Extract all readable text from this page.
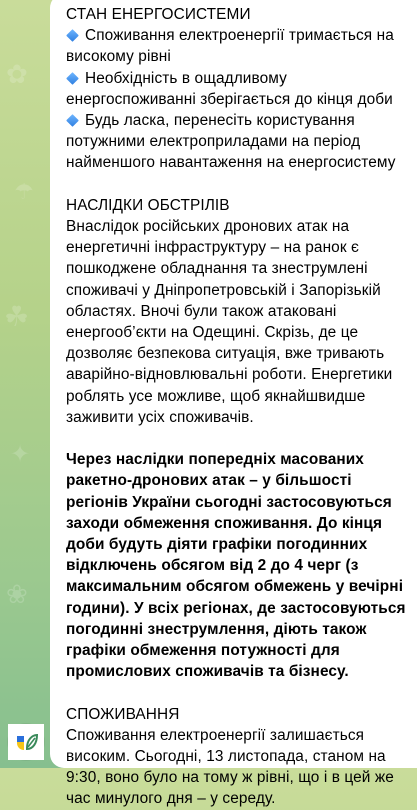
✿
☂
☘
✦
❀

СТАН ЕНЕРГОСИСТЕМИ

Споживання електроенергії тримається на високому рівні

Необхідність в ощадливому енергоспоживанні зберігається до кінця доби

Будь ласка, перенесіть користування потужними електроприладами на період найменшого навантаження на енергосистему

НАСЛІДКИ ОБСТРІЛІВ

Внаслідок російських дронових атак на енергетичні інфраструктуру – на ранок є пошкоджене обладнання та знеструмлені споживачі у Дніпропетровській і Запорізькій областях. Вночі були також атаковані енергооб’єкти на Одещині. Скрізь, де це дозволяє безпекова ситуація, вже тривають аварійно-відновлювальні роботи. Енергетики роблять усе можливе, щоб якнайшвидше заживити усіх споживачів.

Через наслідки попередніх масованих ракетно-дронових атак – у більшості регіонів України сьогодні застосовуються заходи обмеження споживання. До кінця доби будуть діяти графіки погодинних відключень обсягом від 2 до 4 черг (з максимальним обсягом обмежень у вечірні години). У всіх регіонах, де застосовуються погодинні знеструмлення, діють також графіки обмеження потужності для промислових споживачів та бізнесу.

СПОЖИВАННЯ

Споживання електроенергії залишається високим. Сьогодні, 13 листопада, станом на 9:30, воно було на тому ж рівні, що і в цей же час минулого дня – у середу.
